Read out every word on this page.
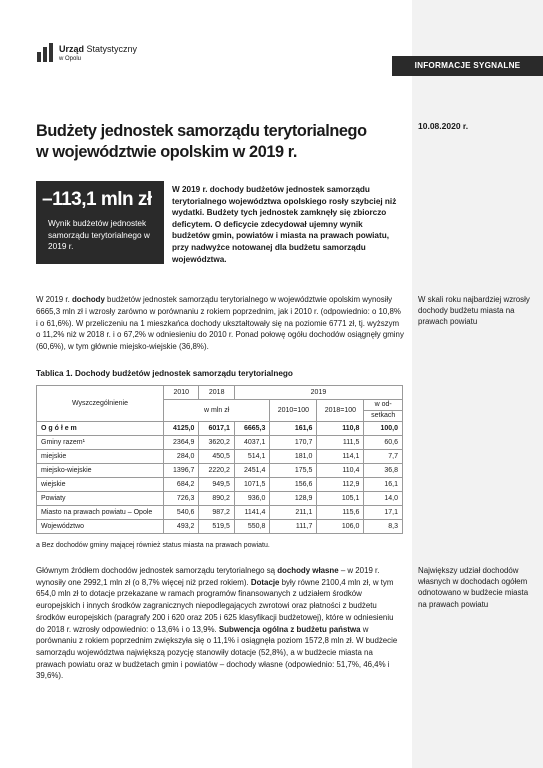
INFORMACJE SYGNALNE
Urząd Statystyczny
w Opolu
10.08.2020 r.
Budżety jednostek samorządu terytorialnego
w województwie opolskim w 2019 r.
–113,1 mln zł
Wynik budżetów jednostek samorządu terytorialnego w 2019 r.
W 2019 r. dochody budżetów jednostek samorządu terytorialnego województwa opolskiego rosły szybciej niż wydatki. Budżety tych jednostek zamknęły się zbiorczo deficytem. O deficycie zdecydował ujemny wynik budżetów gmin, powiatów i miasta na prawach powiatu, przy nadwyżce notowanej dla budżetu samorządu województwa.
W 2019 r. dochody budżetów jednostek samorządu terytorialnego w województwie opolskim wynosiły 6665,3 mln zł i wzrosły zarówno w porównaniu z rokiem poprzednim, jak i 2010 r. (odpowiednio: o 10,8% i o 61,6%). W przeliczeniu na 1 mieszkańca dochody ukształtowały się na poziomie 6771 zł, tj. wyższym o 11,2% niż w 2018 r. i o 67,2% w odniesieniu do 2010 r. Ponad połowę ogółu dochodów osiągnęły gminy (60,6%), w tym głównie miejsko-wiejskie (36,8%).
W skali roku najbardziej wzrosły dochody budżetu miasta na prawach powiatu
Tablica 1. Dochody budżetów jednostek samorządu terytorialnego
Wyszczególnienie	2010	2018	2019			
	w mln zł			2010=100	2018=100	w od-
						setkach
O g ó ł e m	4125,0	6017,1	6665,3	161,6	110,8	100,0
Gminy razem¹	2364,9	3620,2	4037,1	170,7	111,5	60,6
miejskie	284,0	450,5	514,1	181,0	114,1	7,7
miejsko-wiejskie	1396,7	2220,2	2451,4	175,5	110,4	36,8
wiejskie	684,2	949,5	1071,5	156,6	112,9	16,1
Powiaty	726,3	890,2	936,0	128,9	105,1	14,0
Miasto na prawach powiatu – Opole	540,6	987,2	1141,4	211,1	115,6	17,1
Województwo	493,2	519,5	550,8	111,7	106,0	8,3
a Bez dochodów gminy mającej również status miasta na prawach powiatu.
Głównym źródłem dochodów jednostek samorządu terytorialnego są dochody własne – w 2019 r. wynosiły one 2992,1 mln zł (o 8,7% więcej niż przed rokiem). Dotacje były równe 2100,4 mln zł, w tym 654,0 mln zł to dotacje przekazane w ramach programów finansowanych z udziałem środków europejskich i innych środków zagranicznych niepodlegających zwrotowi oraz płatności z budżetu środków europejskich (paragrafy 200 i 620 oraz 205 i 625 klasyfikacji budżetowej), które w odniesieniu do 2018 r. wzrosły odpowiednio: o 13,6% i o 13,9%. Subwencja ogólna z budżetu państwa w porównaniu z rokiem poprzednim zwiększyła się o 11,1% i osiągnęła poziom 1572,8 mln zł. W budżecie samorządu województwa największą pozycję stanowiły dotacje (52,8%), a w budżecie miasta na prawach powiatu oraz w budżetach gmin i powiatów – dochody własne (odpowiednio: 51,7%, 46,4% i 39,6%).
Największy udział dochodów własnych w dochodach ogółem odnotowano w budżecie miasta na prawach powiatu
